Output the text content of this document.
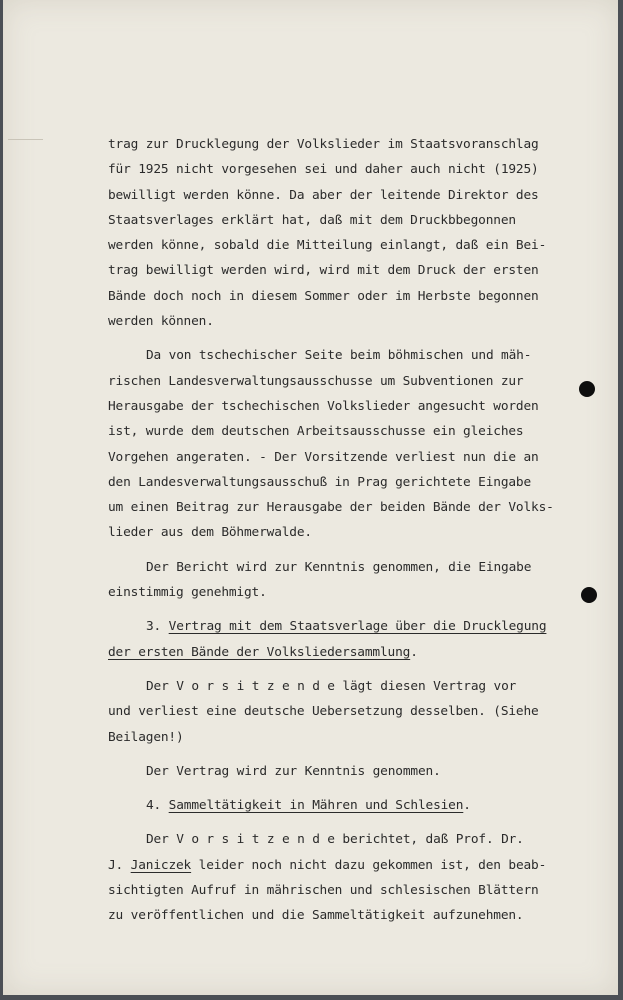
trag zur Drucklegung der Volkslieder im Staatsvoranschlag
für 1925 nicht vorgesehen sei und daher auch nicht (1925)
bewilligt werden könne. Da aber der leitende Direktor des
Staatsverlages erklärt hat, daß mit dem Druckbbegonnen
werden könne, sobald die Mitteilung einlangt, daß ein Bei-
trag bewilligt werden wird, wird mit dem Druck der ersten
Bände doch noch in diesem Sommer oder im Herbste begonnen
werden können.
Da von tschechischer Seite beim böhmischen und mäh-
rischen Landesverwaltungsausschusse um Subventionen zur
Herausgabe der tschechischen Volkslieder angesucht worden
ist, wurde dem deutschen Arbeitsausschusse ein gleiches
Vorgehen angeraten. - Der Vorsitzende verliest nun die an
den Landesverwaltungsausschuß in Prag gerichtete Eingabe
um einen Beitrag zur Herausgabe der beiden Bände der Volks-
lieder aus dem Böhmerwalde.
Der Bericht wird zur Kenntnis genommen, die Eingabe
einstimmig genehmigt.
3. Vertrag mit dem Staatsverlage über die Drucklegung
der ersten Bände der Volksliedersammlung.
Der V o r s i t z e n d e lägt diesen Vertrag vor
und verliest eine deutsche Uebersetzung desselben. (Siehe
Beilagen!)
Der Vertrag wird zur Kenntnis genommen.
4. Sammeltätigkeit in Mähren und Schlesien.
Der V o r s i t z e n d e berichtet, daß Prof. Dr.
J. Janiczek leider noch nicht dazu gekommen ist, den beab-
sichtigten Aufruf in mährischen und schlesischen Blättern
zu veröffentlichen und die Sammeltätigkeit aufzunehmen.
